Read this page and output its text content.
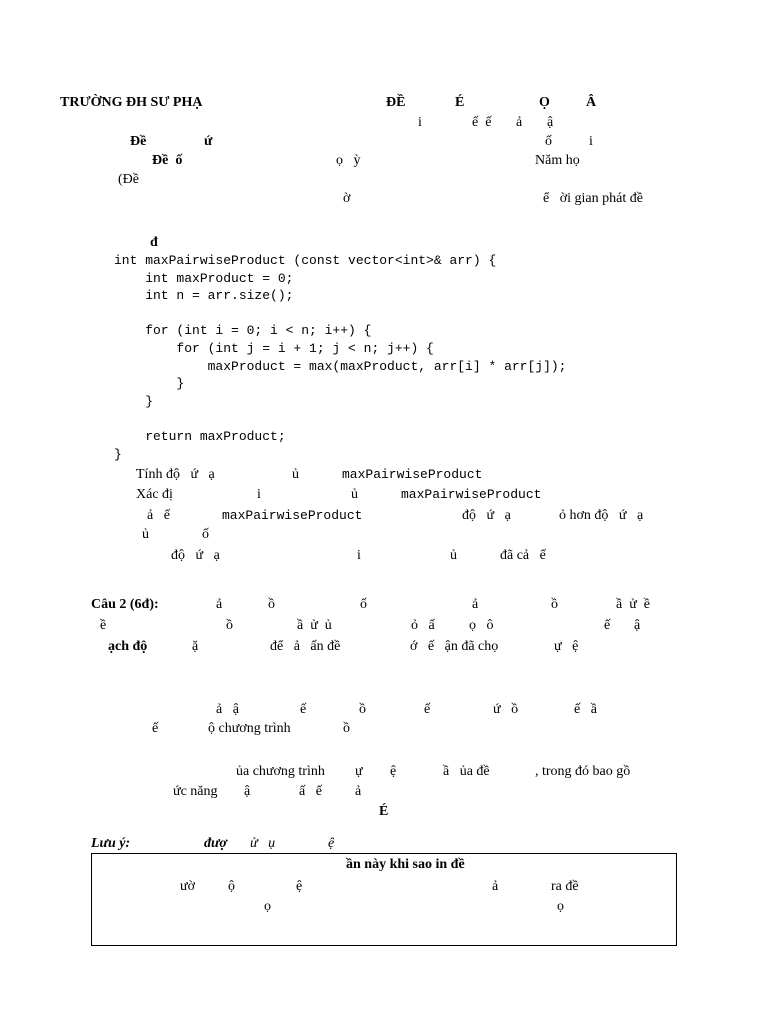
TRƯỜNG ĐH SƯ PHẠ	ĐỀ	É	Ọ	Â
i	ế  ế ả ậ
Đề	ứ	ố	i
Đề  ố	ọ   ỳ	Năm họ
(Đề
ờ	ể   ời gian phát đề
đ
int maxPairwiseProduct (const vector<int>& arr) {
int maxProduct = 0;
int n = arr.size();
for (int i = 0; i < n; i++) {
for (int j = i + 1; j < n; j++) {
maxProduct = max(maxProduct, arr[i] * arr[j]);
}
}
return maxProduct;
}
Tính độ   ứ   ạ	ủ	maxPairwiseProduct
Xác đị	i	ủ	maxPairwiseProduct
ả   ế	maxPairwiseProduct	độ   ứ   ạ	ỏ hơn độ   ứ   ạ
ủ	ố
độ   ứ   ạ	i	ủ	đã cả   ế
Câu 2 (6đ):	ả	ồ	ố	ả	ồ	ầ  ử  ề
ề	ồ	ầ  ử  ủ	ỏ   ấ ọ   ô	ế ậ
ạch độ	ặ	để   ả   ấn đề	ớ   ế   ận đã chọ	ự   ệ
ả   ậ	ế	ồ	ế	ứ   ồ	ế   ầ
ế	ộ chương trình	ồ
ủa chương trình ự ệ	ầ   ủa đề	, trong đó bao gồ
ức năng ậ	ấ   ế ả
É
Lưu ý:	đượ ử   ụ	ệ
ần này khi sao in đề
ườ ộ	ệ	ả	ra đề
ọ	ọ
